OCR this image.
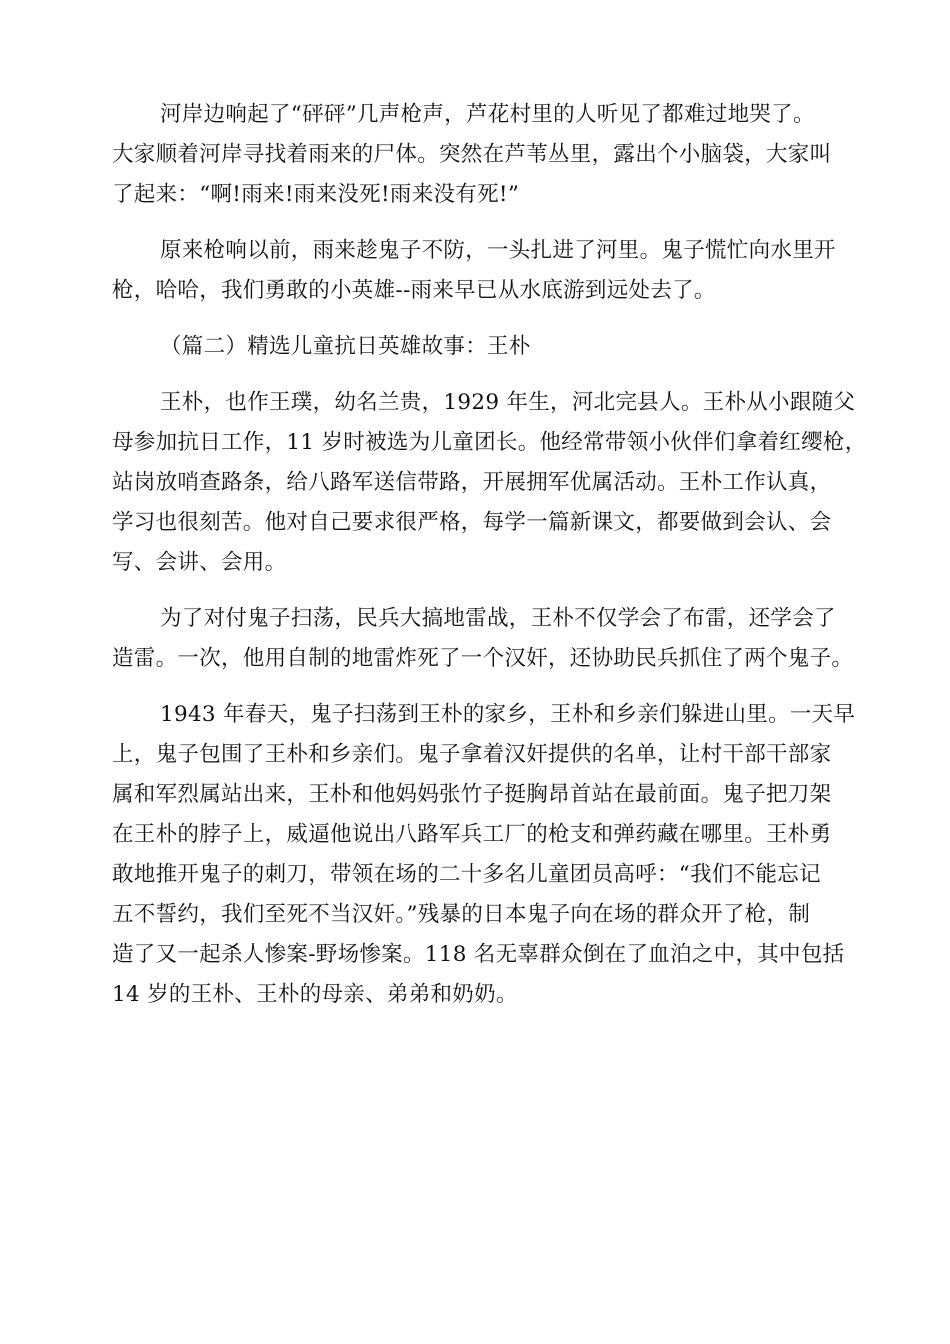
河岸边响起了“砰砰”几声枪声，芦花村里的人听见了都难过地哭了。
大家顺着河岸寻找着雨来的尸体。突然在芦苇丛里，露出个小脑袋，大家叫
了起来：“啊!雨来!雨来没死!雨来没有死!”

原来枪响以前，雨来趁鬼子不防，一头扎进了河里。鬼子慌忙向水里开
枪，哈哈，我们勇敢的小英雄--雨来早已从水底游到远处去了。

（篇二）精选儿童抗日英雄故事：王朴

王朴，也作王璞，幼名兰贵，1929 年生，河北完县人。王朴从小跟随父
母参加抗日工作，11 岁时被选为儿童团长。他经常带领小伙伴们拿着红缨枪，
站岗放哨查路条，给八路军送信带路，开展拥军优属活动。王朴工作认真，
学习也很刻苦。他对自己要求很严格，每学一篇新课文，都要做到会认、会
写、会讲、会用。

为了对付鬼子扫荡，民兵大搞地雷战，王朴不仅学会了布雷，还学会了
造雷。一次，他用自制的地雷炸死了一个汉奸，还协助民兵抓住了两个鬼子。

1943 年春天，鬼子扫荡到王朴的家乡，王朴和乡亲们躲进山里。一天早
上，鬼子包围了王朴和乡亲们。鬼子拿着汉奸提供的名单，让村干部干部家
属和军烈属站出来，王朴和他妈妈张竹子挺胸昂首站在最前面。鬼子把刀架
在王朴的脖子上，威逼他说出八路军兵工厂的枪支和弹药藏在哪里。王朴勇
敢地推开鬼子的刺刀，带领在场的二十多名儿童团员高呼：“我们不能忘记
五不誓约，我们至死不当汉奸。”残暴的日本鬼子向在场的群众开了枪，制
造了又一起杀人惨案-野场惨案。118 名无辜群众倒在了血泊之中，其中包括
14 岁的王朴、王朴的母亲、弟弟和奶奶。
